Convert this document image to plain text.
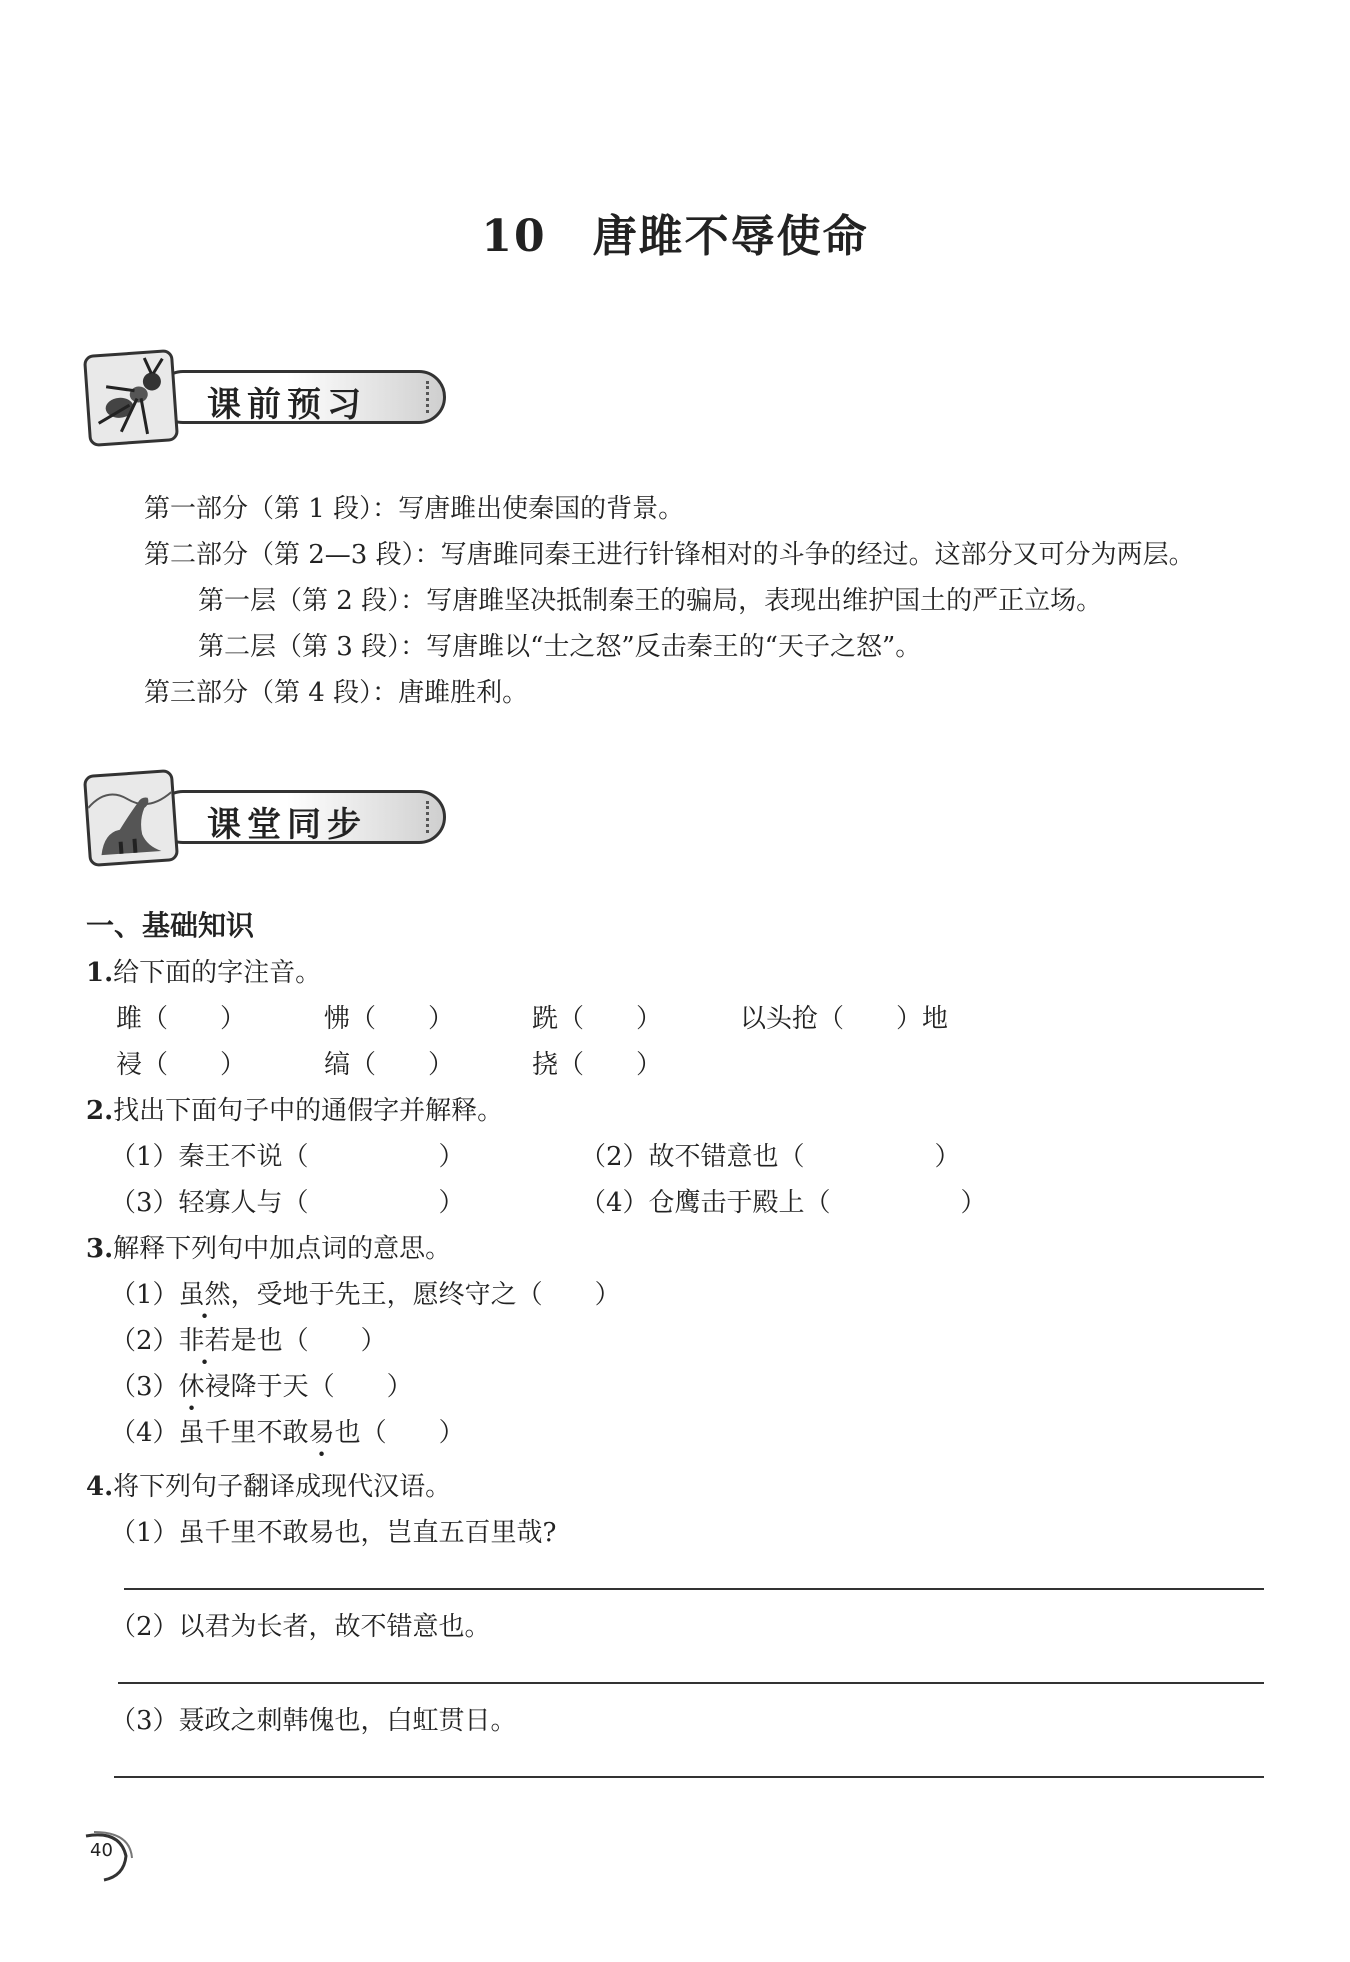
10 唐雎不辱使命
课前预习
第一部分（第 1 段）：写唐雎出使秦国的背景。
第二部分（第 2—3 段）：写唐雎同秦王进行针锋相对的斗争的经过。这部分又可分为两层。
第一层（第 2 段）：写唐雎坚决抵制秦王的骗局，表现出维护国土的严正立场。
第二层（第 3 段）：写唐雎以“士之怒”反击秦王的“天子之怒”。
第三部分（第 4 段）：唐雎胜利。
课堂同步
一、基础知识
1.给下面的字注音。
雎（　　）	怫（　　）	跣（　　）	以头抢（　　）地
祲（　　）	缟（　　）	挠（　　）
2.找出下面句子中的通假字并解释。
（1）秦王不说（　　　　　）	（2）故不错意也（　　　　　）
（3）轻寡人与（　　　　　）	（4）仓鹰击于殿上（　　　　　）
3.解释下列句中加点词的意思。
（1）虽然，受地于先王，愿终守之（　　）
（2）非若是也（　　）
（3）休祲降于天（　　）
（4）虽千里不敢易也（　　）
4.将下列句子翻译成现代汉语。
（1）虽千里不敢易也，岂直五百里哉?
（2）以君为长者，故不错意也。
（3）聂政之刺韩傀也，白虹贯日。
40
